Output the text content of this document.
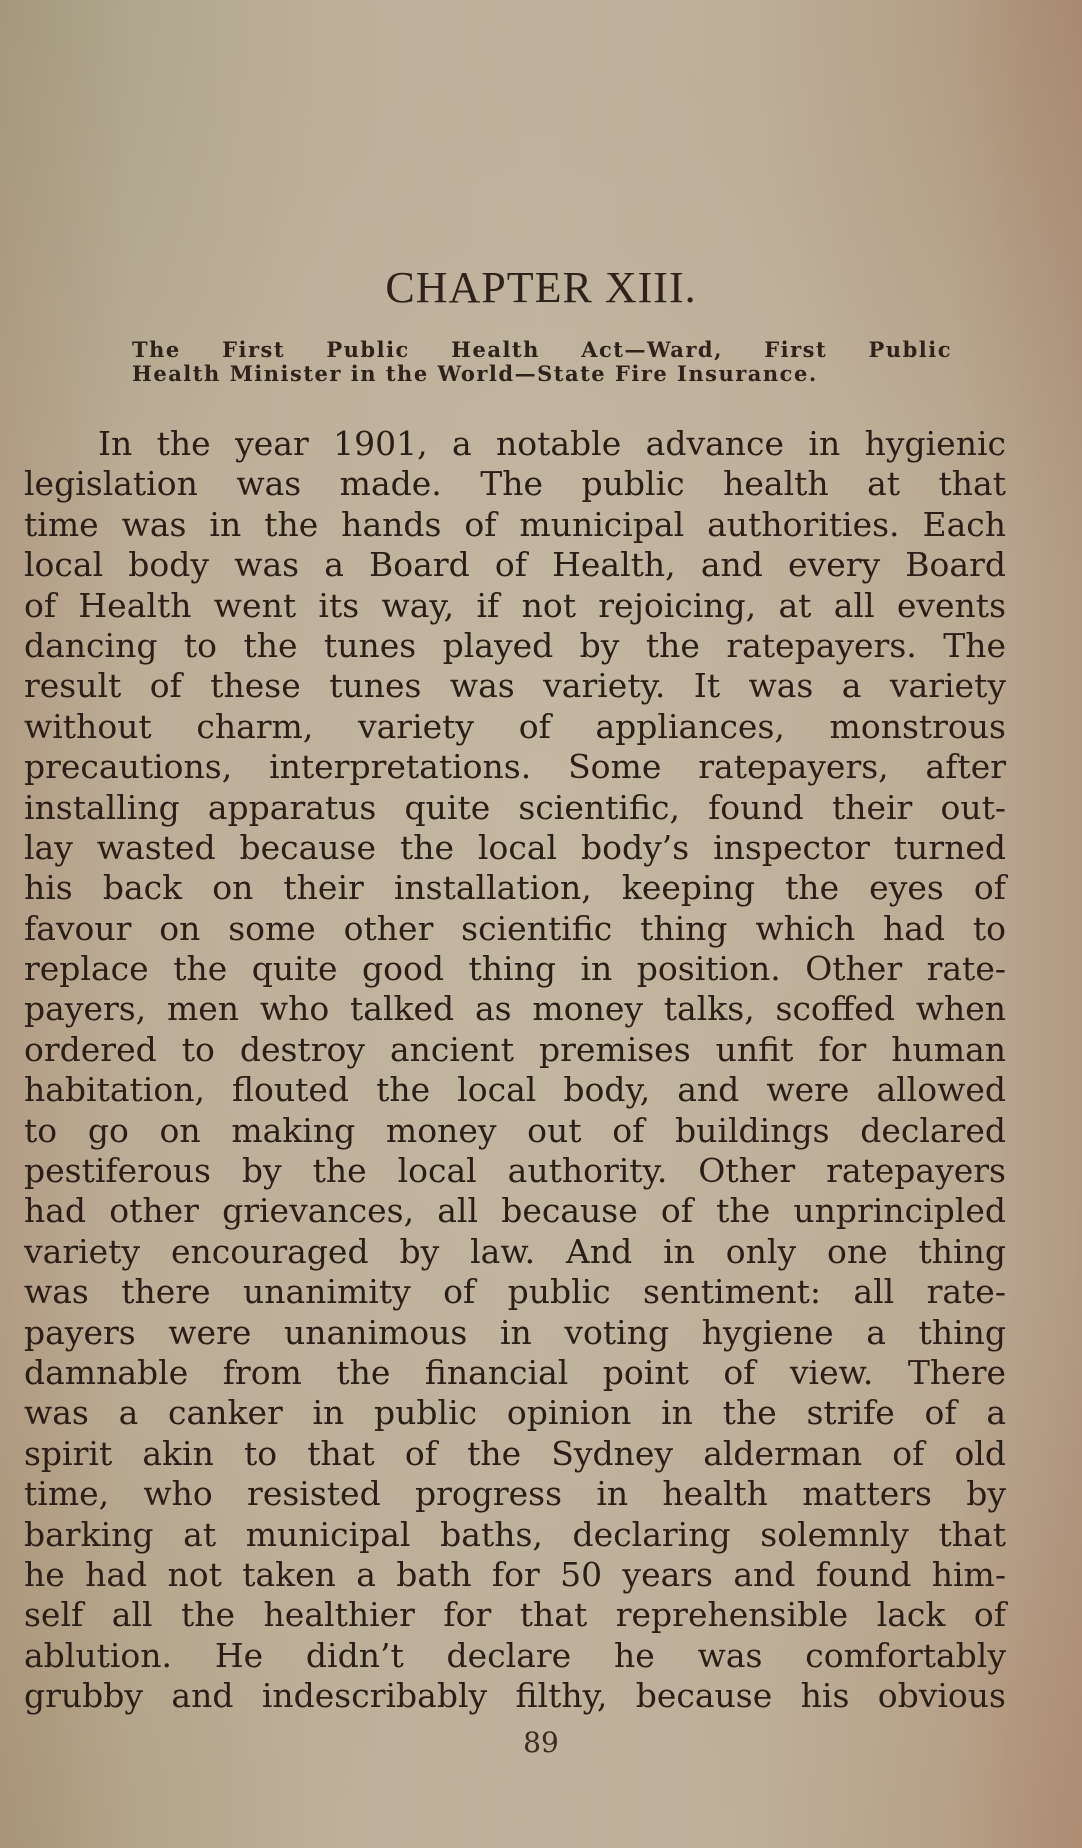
CHAPTER XIII.
The First Public Health Act—Ward, First Public
Health Minister in the World—State Fire Insurance.
In the year 1901, a notable advance in hygienic
legislation was made. The public health at that
time was in the hands of municipal authorities. Each
local body was a Board of Health, and every Board
of Health went its way, if not rejoicing, at all events
dancing to the tunes played by the ratepayers. The
result of these tunes was variety. It was a variety
without charm, variety of appliances, monstrous
precautions, interpretations. Some ratepayers, after
installing apparatus quite scientific, found their out-
lay wasted because the local body’s inspector turned
his back on their installation, keeping the eyes of
favour on some other scientific thing which had to
replace the quite good thing in position. Other rate-
payers, men who talked as money talks, scoffed when
ordered to destroy ancient premises unfit for human
habitation, flouted the local body, and were allowed
to go on making money out of buildings declared
pestiferous by the local authority. Other ratepayers
had other grievances, all because of the unprincipled
variety encouraged by law. And in only one thing
was there unanimity of public sentiment: all rate-
payers were unanimous in voting hygiene a thing
damnable from the financial point of view. There
was a canker in public opinion in the strife of a
spirit akin to that of the Sydney alderman of old
time, who resisted progress in health matters by
barking at municipal baths, declaring solemnly that
he had not taken a bath for 50 years and found him-
self all the healthier for that reprehensible lack of
ablution. He didn’t declare he was comfortably
grubby and indescribably filthy, because his obvious
89
